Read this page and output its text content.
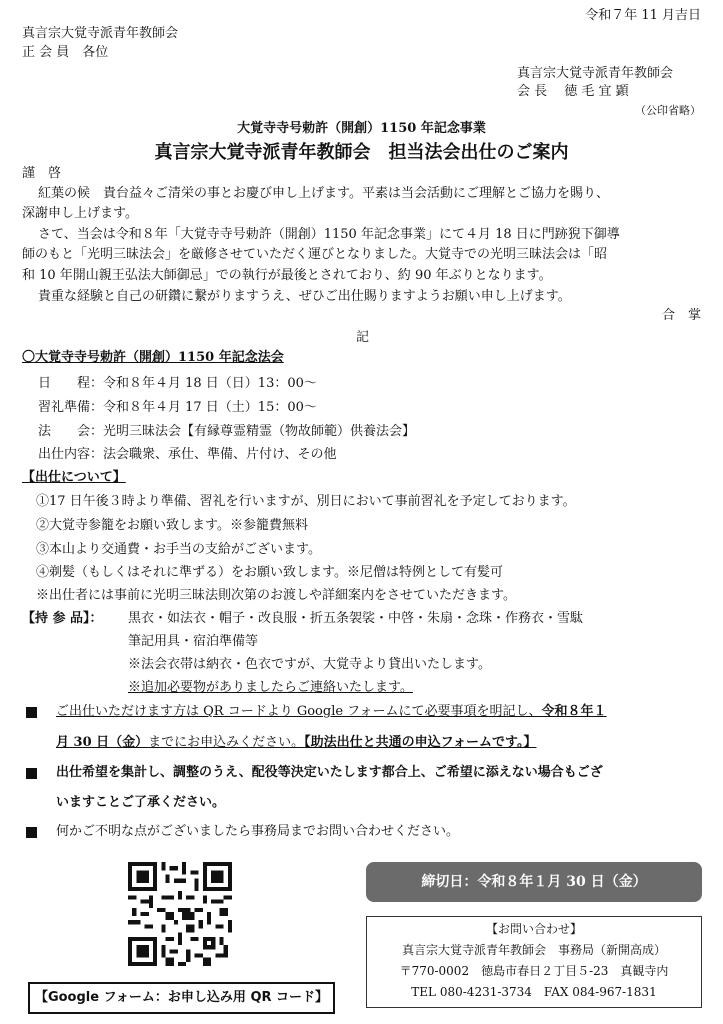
令和７年 11 月吉日
真言宗大覚寺派青年教師会
正 会 員　各位
真言宗大覚寺派青年教師会
会 長　 徳 毛 宜 顕
（公印省略）
大覚寺寺号勅許（開創）1150 年記念事業
真言宗大覚寺派青年教師会　担当法会出仕のご案内
謹　啓
紅葉の候　貴台益々ご清栄の事とお慶び申し上げます。平素は当会活動にご理解とご協力を賜り、
深謝申し上げます。
さて、当会は令和８年「大覚寺寺号勅許（開創）1150 年記念事業」にて４月 18 日に門跡猊下御導
師のもと「光明三昧法会」を厳修させていただく運びとなりました。大覚寺での光明三昧法会は「昭
和 10 年開山親王弘法大師御忌」での執行が最後とされており、約 90 年ぶりとなります。
貴重な経験と自己の研鑽に繋がりますうえ、ぜひご出仕賜りますようお願い申し上げます。
合　掌
記
〇大覚寺寺号勅許（開創）1150 年記念法会
日　　程：令和８年４月 18 日（日）13：00～
習礼準備：令和８年４月 17 日（土）15：00～
法　　会：光明三昧法会【有縁尊霊精霊（物故師範）供養法会】
出仕内容：法会職衆、承仕、準備、片付け、その他
【出仕について】
①17 日午後３時より準備、習礼を行いますが、別日において事前習礼を予定しております。
②大覚寺参籠をお願い致します。※参籠費無料
③本山より交通費・お手当の支給がございます。
④剃髪（もしくはそれに準ずる）をお願い致します。※尼僧は特例として有髪可
※出仕者には事前に光明三昧法則次第のお渡しや詳細案内をさせていただきます。
【持 参 品】： 黒衣・如法衣・帽子・改良服・折五条袈裟・中啓・朱扇・念珠・作務衣・雪駄
筆記用具・宿泊準備等
※法会衣帯は納衣・色衣ですが、大覚寺より貸出いたします。
※追加必要物がありましたらご連絡いたします。
ご出仕いただけます方は QR コードより Google フォームにて必要事項を明記し、令和８年１
月 30 日（金）までにお申込みください。【助法出仕と共通の申込フォームです。】
出仕希望を集計し、調整のうえ、配役等決定いたします都合上、ご希望に添えない場合もござ
いますことご了承ください。
何かご不明な点がございましたら事務局までお問い合わせください。
【Google フォーム：お申し込み用 QR コード】
締切日：令和８年１月 30 日（金）
【お問い合わせ】
真言宗大覚寺派青年教師会　事務局（新開高成）
〒770-0002　徳島市春日２丁目５-23　真観寺内
TEL 080-4231-3734　FAX 084-967-1831
